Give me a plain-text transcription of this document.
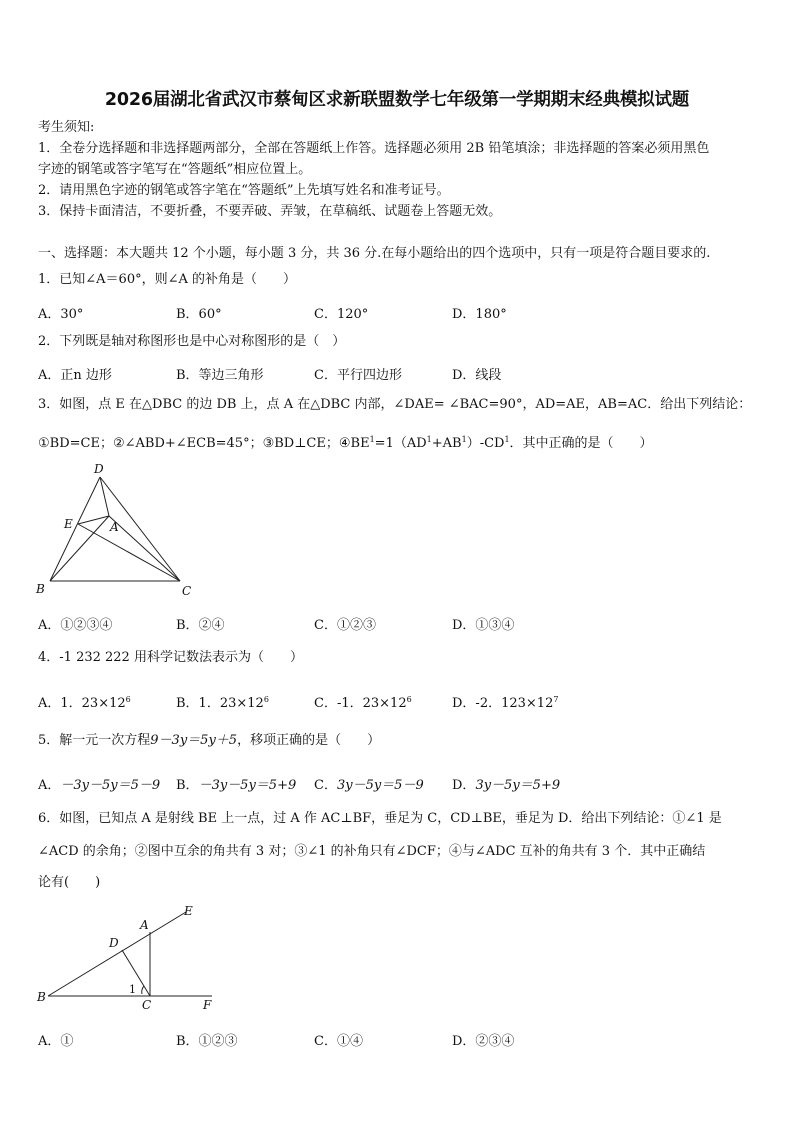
2026届湖北省武汉市蔡甸区求新联盟数学七年级第一学期期末经典模拟试题
考生须知:
1．全卷分选择题和非选择题两部分，全部在答题纸上作答。选择题必须用 2B 铅笔填涂；非选择题的答案必须用黑色
字迹的钢笔或答字笔写在“答题纸”相应位置上。
2．请用黑色字迹的钢笔或答字笔在“答题纸”上先填写姓名和准考证号。
3．保持卡面清洁，不要折叠，不要弄破、弄皱，在草稿纸、试题卷上答题无效。
一、选择题：本大题共 12 个小题，每小题 3 分，共 36 分.在每小题给出的四个选项中，只有一项是符合题目要求的.
1．已知∠A＝60°，则∠A 的补角是（　　）
A．30°	B．60°	C．120°	D．180°
2．下列既是轴对称图形也是中心对称图形的是（　）
A．正n 边形	B．等边三角形	C．平行四边形	D．线段
3．如图，点 E 在△DBC 的边 DB 上，点 A 在△DBC 内部，∠DAE= ∠BAC=90°，AD=AE，AB=AC．给出下列结论：
①BD=CE；②∠ABD+∠ECB=45°；③BD⊥CE；$④BE^1=1(AD^1+AB^1)-CD^1$．其中正确的是（　　）
D
E	A
B	C
A．①②③④	B．②④	C．①②③	D．①③④
4．-1 232 222 用科学记数法表示为（　　）
A．1．$23\times 12^6$	B．1．$23\times 12^6$	C．-1．$23\times 12^6$	D．-2．$123\times 12^7$
5．解一元一次方程9－3y＝5y＋5，移项正确的是（　　）
A．－3y－5y＝5－9 B．－3y－5y＝5+9 C．3y－5y＝5－9 D．3y－5y＝5+9
6．如图，已知点 A 是射线 BE 上一点，过 A 作 AC⊥BF，垂足为 C，CD⊥BE，垂足为 D．给出下列结论：①∠1 是
∠ACD 的余角；②图中互余的角共有 3 对；③∠1 的补角只有∠DCF；④与∠ADC 互补的角共有 3 个．其中正确结
论有(　　)
A
E
D
B
C	F
1
A．①	B．①②③	C．①④	D．②③④
